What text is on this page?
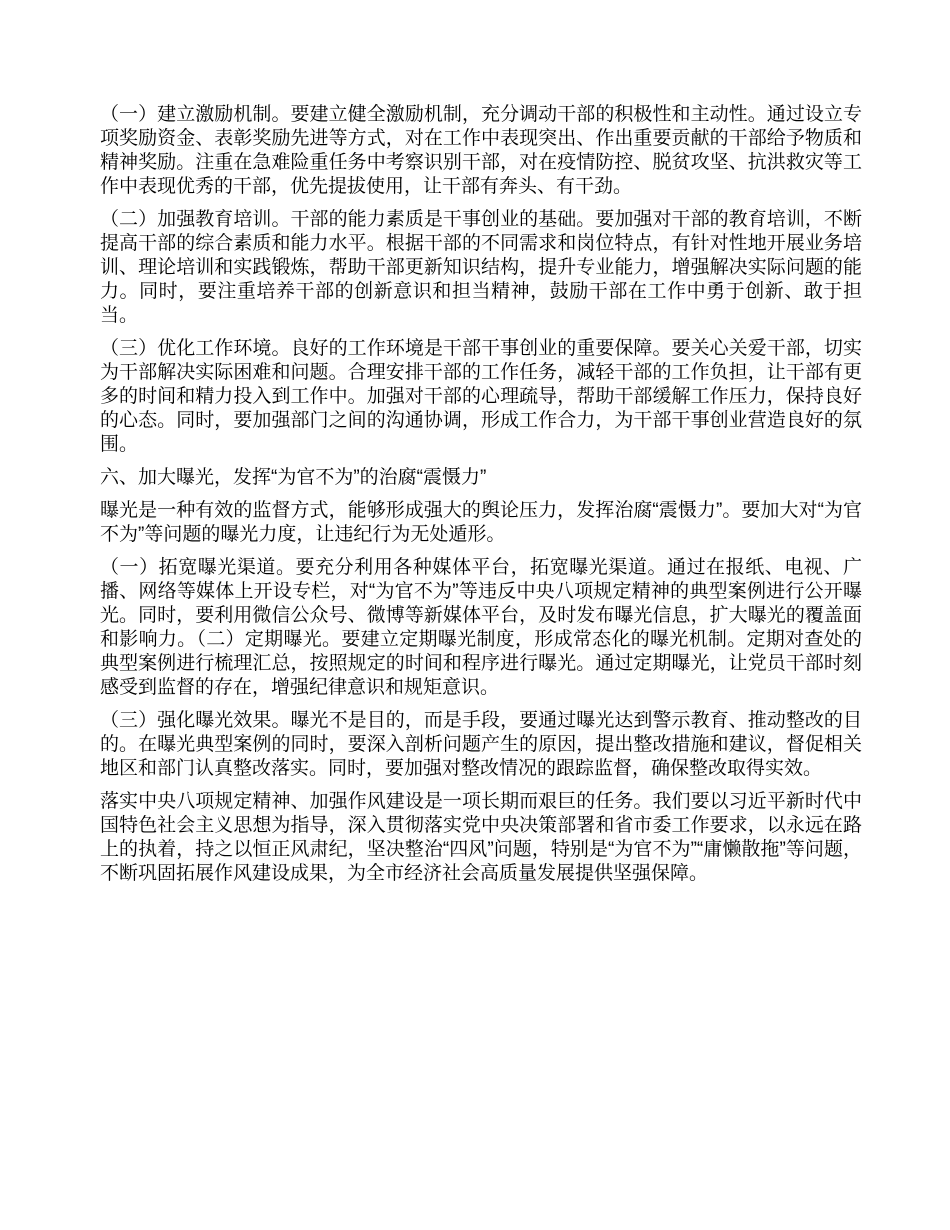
（一）建立激励机制。要建立健全激励机制，充分调动干部的积极性和主动性。通过设立专项奖励资金、表彰奖励先进等方式，对在工作中表现突出、作出重要贡献的干部给予物质和精神奖励。注重在急难险重任务中考察识别干部，对在疫情防控、脱贫攻坚、抗洪救灾等工作中表现优秀的干部，优先提拔使用，让干部有奔头、有干劲。

（二）加强教育培训。干部的能力素质是干事创业的基础。要加强对干部的教育培训，不断提高干部的综合素质和能力水平。根据干部的不同需求和岗位特点，有针对性地开展业务培训、理论培训和实践锻炼，帮助干部更新知识结构，提升专业能力，增强解决实际问题的能力。同时，要注重培养干部的创新意识和担当精神，鼓励干部在工作中勇于创新、敢于担当。

（三）优化工作环境。良好的工作环境是干部干事创业的重要保障。要关心关爱干部，切实为干部解决实际困难和问题。合理安排干部的工作任务，减轻干部的工作负担，让干部有更多的时间和精力投入到工作中。加强对干部的心理疏导，帮助干部缓解工作压力，保持良好的心态。同时，要加强部门之间的沟通协调，形成工作合力，为干部干事创业营造良好的氛围。

六、加大曝光，发挥“为官不为”的治腐“震慑力”

曝光是一种有效的监督方式，能够形成强大的舆论压力，发挥治腐“震慑力”。要加大对“为官不为”等问题的曝光力度，让违纪行为无处遁形。

（一）拓宽曝光渠道。要充分利用各种媒体平台，拓宽曝光渠道。通过在报纸、电视、广播、网络等媒体上开设专栏，对“为官不为”等违反中央八项规定精神的典型案例进行公开曝光。同时，要利用微信公众号、微博等新媒体平台，及时发布曝光信息，扩大曝光的覆盖面和影响力。（二）定期曝光。要建立定期曝光制度，形成常态化的曝光机制。定期对查处的典型案例进行梳理汇总，按照规定的时间和程序进行曝光。通过定期曝光，让党员干部时刻感受到监督的存在，增强纪律意识和规矩意识。

（三）强化曝光效果。曝光不是目的，而是手段，要通过曝光达到警示教育、推动整改的目的。在曝光典型案例的同时，要深入剖析问题产生的原因，提出整改措施和建议，督促相关地区和部门认真整改落实。同时，要加强对整改情况的跟踪监督，确保整改取得实效。

落实中央八项规定精神、加强作风建设是一项长期而艰巨的任务。我们要以习近平新时代中国特色社会主义思想为指导，深入贯彻落实党中央决策部署和省市委工作要求，以永远在路上的执着，持之以恒正风肃纪，坚决整治“四风”问题，特别是“为官不为”“庸懒散拖”等问题，不断巩固拓展作风建设成果，为全市经济社会高质量发展提供坚强保障。
